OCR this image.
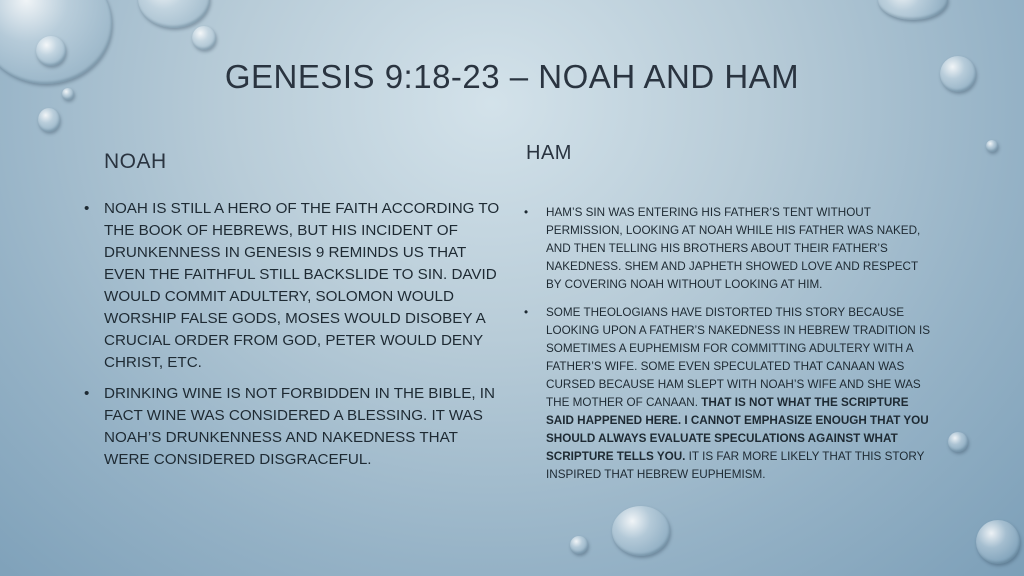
GENESIS 9:18-23 – NOAH AND HAM
NOAH
• NOAH IS STILL A HERO OF THE FAITH ACCORDING TO THE BOOK OF HEBREWS, BUT HIS INCIDENT OF DRUNKENNESS IN GENESIS 9 REMINDS US THAT EVEN THE FAITHFUL STILL BACKSLIDE TO SIN. DAVID WOULD COMMIT ADULTERY, SOLOMON WOULD WORSHIP FALSE GODS, MOSES WOULD DISOBEY A CRUCIAL ORDER FROM GOD, PETER WOULD DENY CHRIST, ETC.
• DRINKING WINE IS NOT FORBIDDEN IN THE BIBLE, IN FACT WINE WAS CONSIDERED A BLESSING. IT WAS NOAH’S DRUNKENNESS AND NAKEDNESS THAT WERE CONSIDERED DISGRACEFUL.
HAM
• HAM’S SIN WAS ENTERING HIS FATHER’S TENT WITHOUT PERMISSION, LOOKING AT NOAH WHILE HIS FATHER WAS NAKED, AND THEN TELLING HIS BROTHERS ABOUT THEIR FATHER’S NAKEDNESS. SHEM AND JAPHETH SHOWED LOVE AND RESPECT BY COVERING NOAH WITHOUT LOOKING AT HIM.
• SOME THEOLOGIANS HAVE DISTORTED THIS STORY BECAUSE LOOKING UPON A FATHER’S NAKEDNESS IN HEBREW TRADITION IS SOMETIMES A EUPHEMISM FOR COMMITTING ADULTERY WITH A FATHER’S WIFE. SOME EVEN SPECULATED THAT CANAAN WAS CURSED BECAUSE HAM SLEPT WITH NOAH’S WIFE AND SHE WAS THE MOTHER OF CANAAN. THAT IS NOT WHAT THE SCRIPTURE SAID HAPPENED HERE. I CANNOT EMPHASIZE ENOUGH THAT YOU SHOULD ALWAYS EVALUATE SPECULATIONS AGAINST WHAT SCRIPTURE TELLS YOU. IT IS FAR MORE LIKELY THAT THIS STORY INSPIRED THAT HEBREW EUPHEMISM.
